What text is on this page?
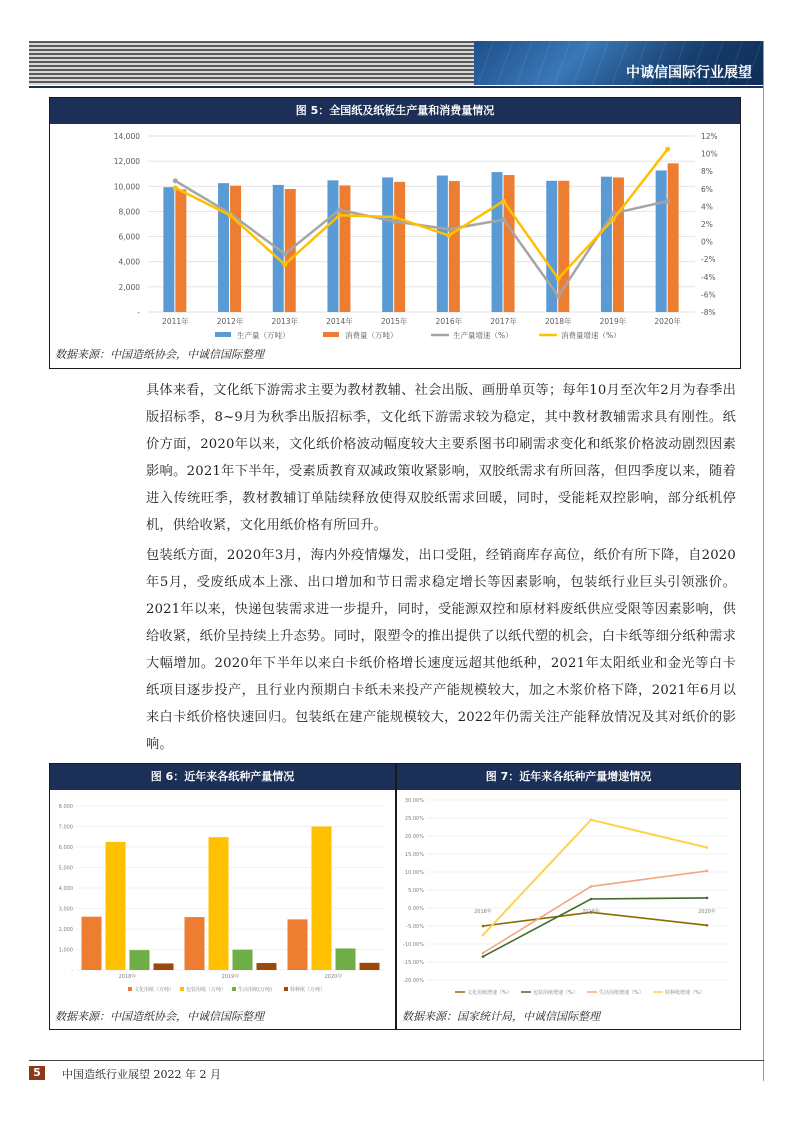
中诚信国际行业展望
图 5：全国纸及纸板生产量和消费量情况
-
2,000
4,000
6,000
8,000
10,000
12,000
14,000	12%
10%
8%
6%
4%
2%
0%
-2%
-4%
-6%
-8%
2011年	2012年	2013年	2014年	2015年	2016年	2017年	2018年	2019年	2020年
生产量（万吨）	消费量（万吨）	生产量增速（%）	消费量增速（%）
数据来源：中国造纸协会，中诚信国际整理

具体来看，文化纸下游需求主要为教材教辅、社会出版、画册单页等；每年10月至次年2月为春季出版招标季，8~9月为秋季出版招标季，文化纸下游需求较为稳定，其中教材教辅需求具有刚性。纸价方面，2020年以来，文化纸价格波动幅度较大主要系图书印刷需求变化和纸浆价格波动剧烈因素影响。2021年下半年，受素质教育双减政策收紧影响，双胶纸需求有所回落，但四季度以来，随着进入传统旺季，教材教辅订单陆续释放使得双胶纸需求回暖，同时，受能耗双控影响，部分纸机停机，供给收紧，文化用纸价格有所回升。

包装纸方面，2020年3月，海内外疫情爆发，出口受阻，经销商库存高位，纸价有所下降，自2020年5月，受废纸成本上涨、出口增加和节日需求稳定增长等因素影响，包装纸行业巨头引领涨价。2021年以来，快递包装需求进一步提升，同时，受能源双控和原材料废纸供应受限等因素影响，供给收紧，纸价呈持续上升态势。同时，限塑令的推出提供了以纸代塑的机会，白卡纸等细分纸种需求大幅增加。2020年下半年以来白卡纸价格增长速度远超其他纸种，2021年太阳纸业和金光等白卡纸项目逐步投产，且行业内预期白卡纸未来投产产能规模较大，加之木浆价格下降，2021年6月以来白卡纸价格快速回归。包装纸在建产能规模较大，2022年仍需关注产能释放情况及其对纸价的影响。

图 6：近年来各纸种产量情况
-
1,000
2,000
3,000
4,000
5,000
6,000
7,000
8,000
2018年	2019年	2020年
文化用纸（万吨） 包装用纸（万吨） 生活用纸(万吨)	特种纸（万吨）
数据来源：中国造纸协会，中诚信国际整理
图 7：近年来各纸种产量增速情况
30.00%
25.00%
20.00%
15.00%
10.00%
5.00%
0.00%
-5.00%
-10.00%
-15.00%
-20.00%
2018年	2019年	2020年
文化用纸增速（%）	包装用纸增速（%）	生活用纸增速（%）	特种纸增速（%）
数据来源：国家统计局，中诚信国际整理
5	中国造纸行业展望 2022 年 2 月
